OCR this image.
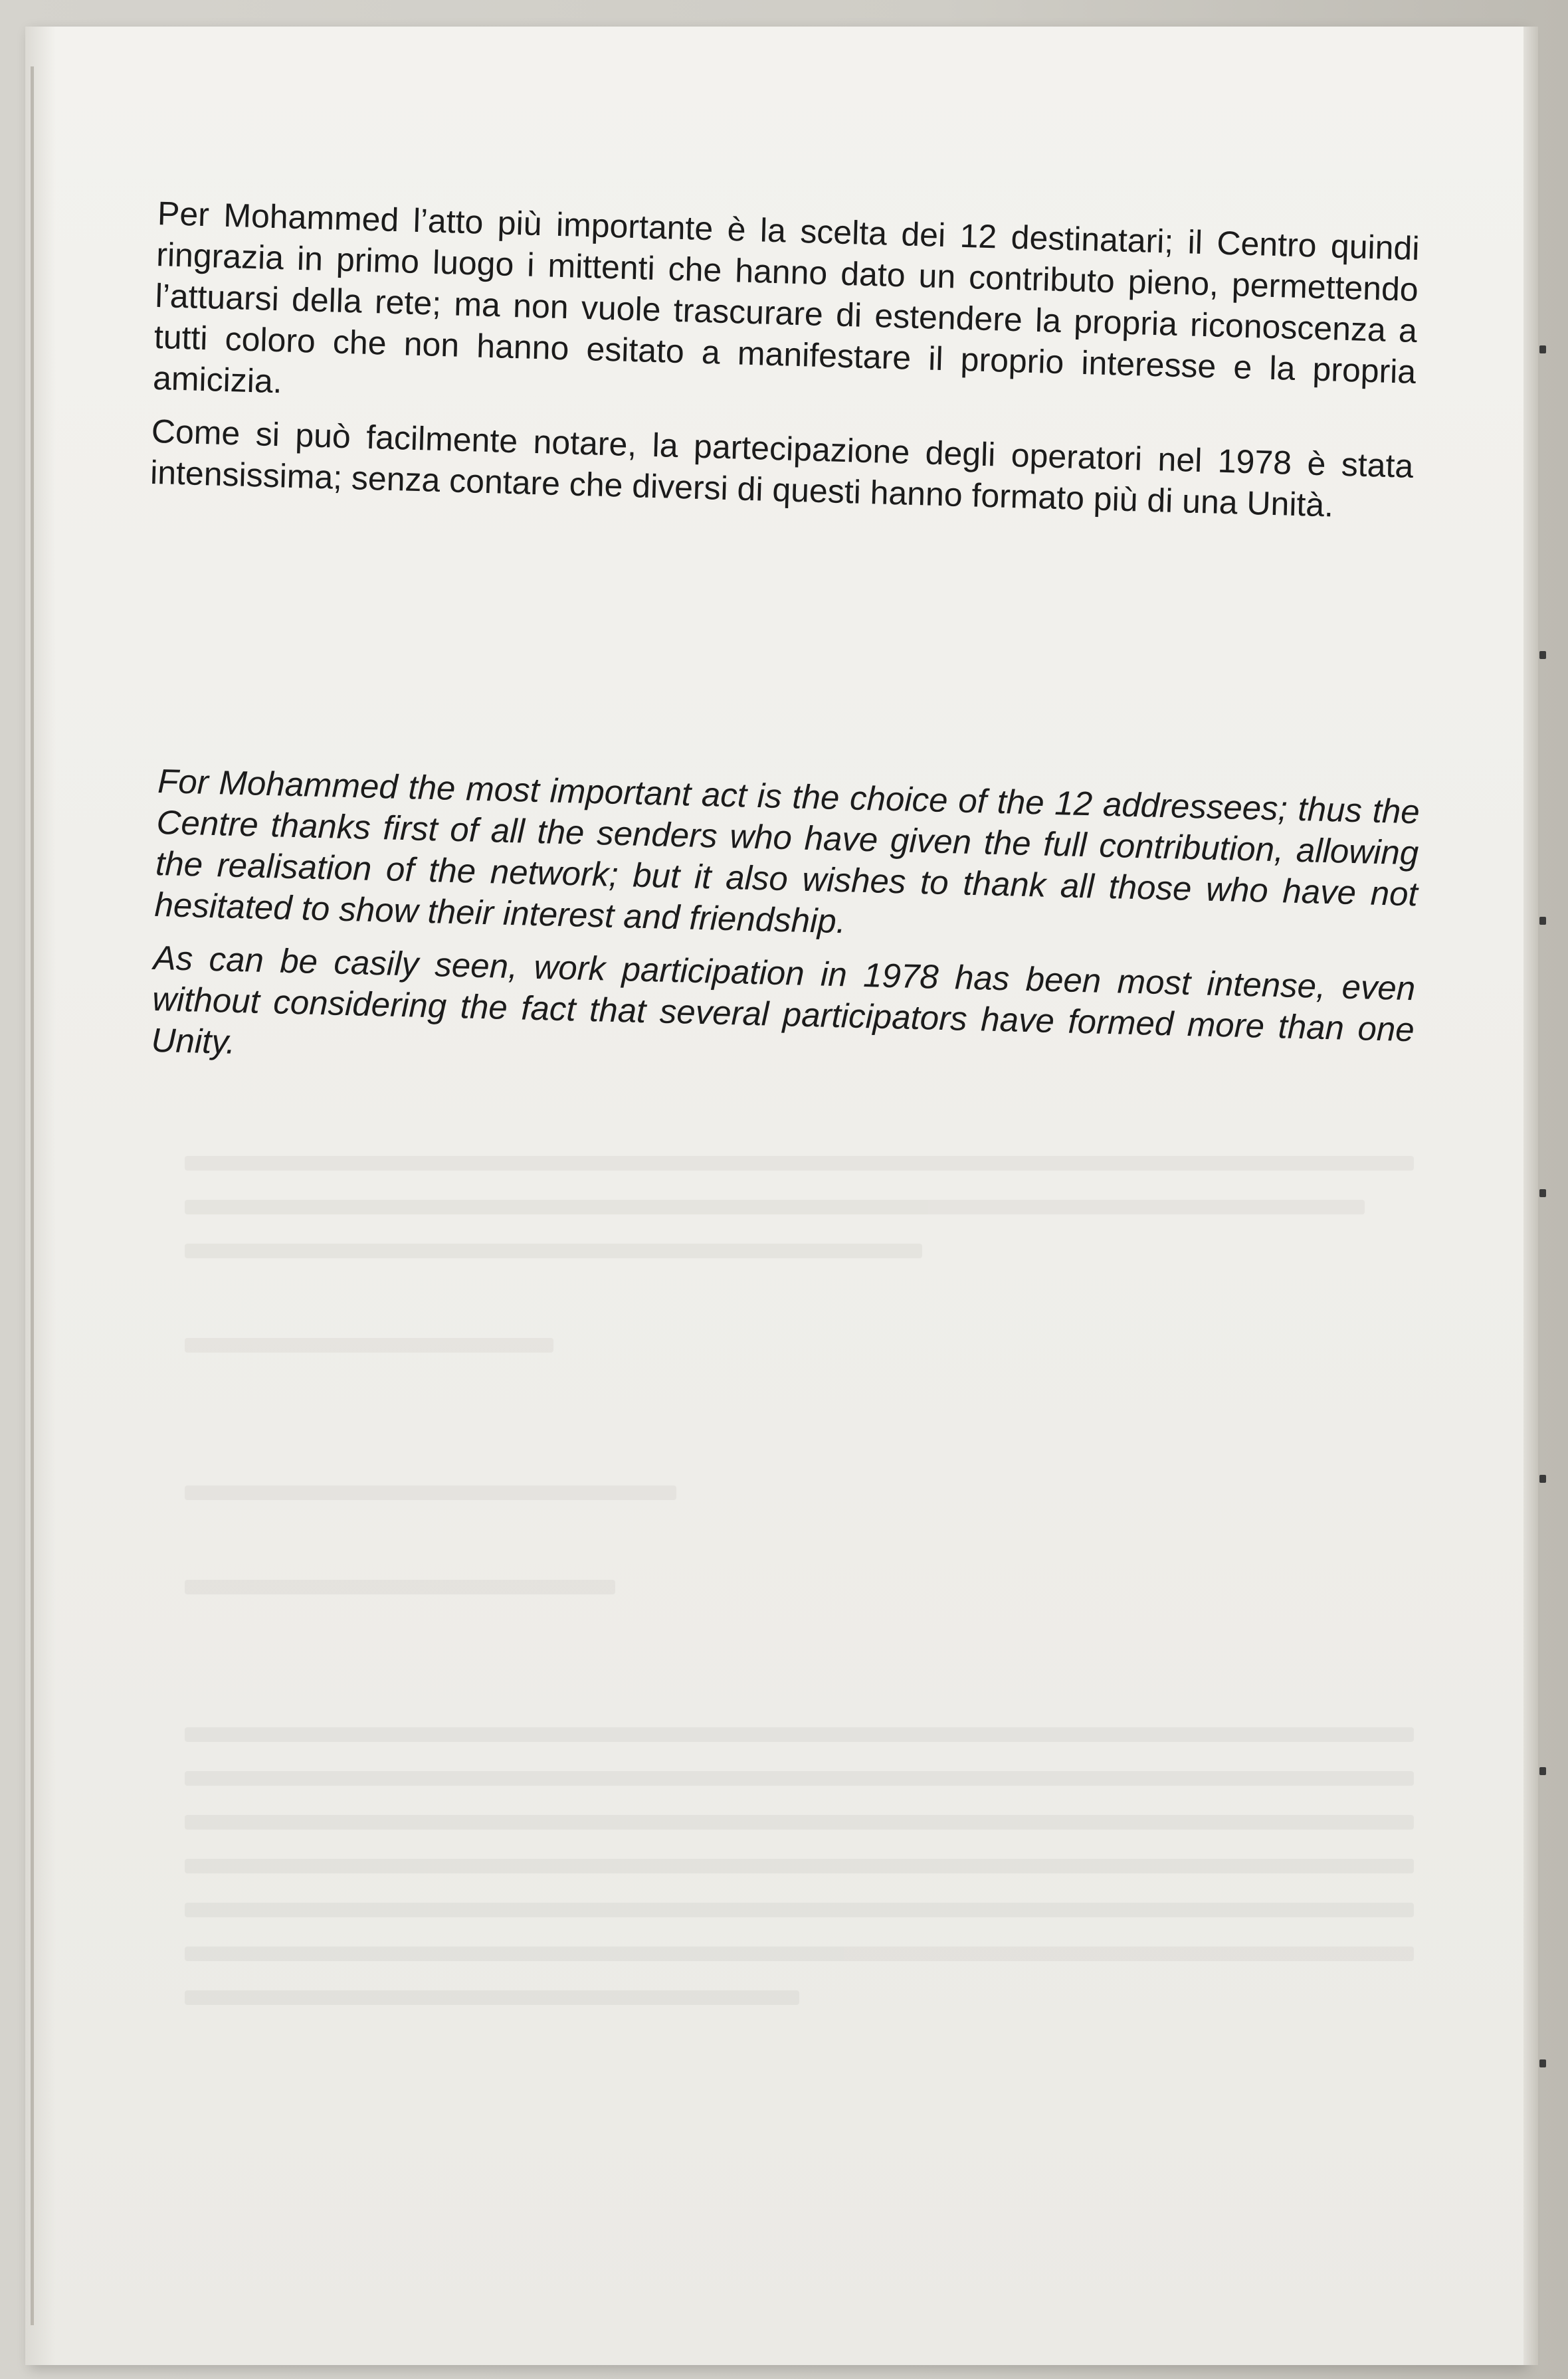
Per Mohammed l’atto più importante è la scelta dei 12 destinatari; il Centro quindi ringrazia in primo luogo i mittenti che hanno dato un contributo pieno, permettendo l’attuarsi della rete; ma non vuole trascurare di estendere la propria riconoscenza a tutti coloro che non hanno esitato a manifestare il proprio interesse e la propria amicizia.

Come si può facilmente notare, la partecipazione degli operatori nel 1978 è stata intensissima; senza contare che diversi di questi hanno formato più di una Unità.

For Mohammed the most important act is the choice of the 12 addressees; thus the Centre thanks first of all the senders who have given the full contribution, allowing the realisation of the network; but it also wishes to thank all those who have not hesitated to show their interest and friendship.

As can be casily seen, work participation in 1978 has been most intense, even without considering the fact that several participators have formed more than one Unity.
